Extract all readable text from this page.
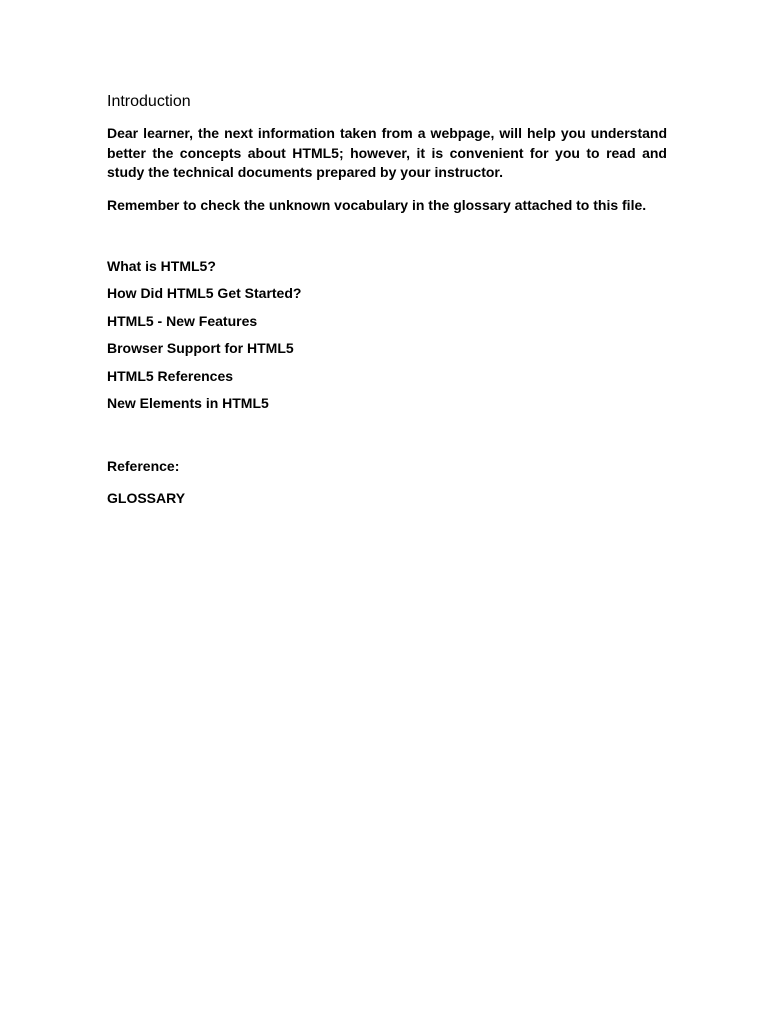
Introduction

Dear learner, the next information taken from a webpage, will help you understand better the concepts about HTML5; however, it is convenient for you to read and study the technical documents prepared by your instructor.

Remember to check the unknown vocabulary in the glossary attached to this file.

What is HTML5?
How Did HTML5 Get Started?
HTML5 - New Features
Browser Support for HTML5
HTML5 References
New Elements in HTML5

Reference:

GLOSSARY
